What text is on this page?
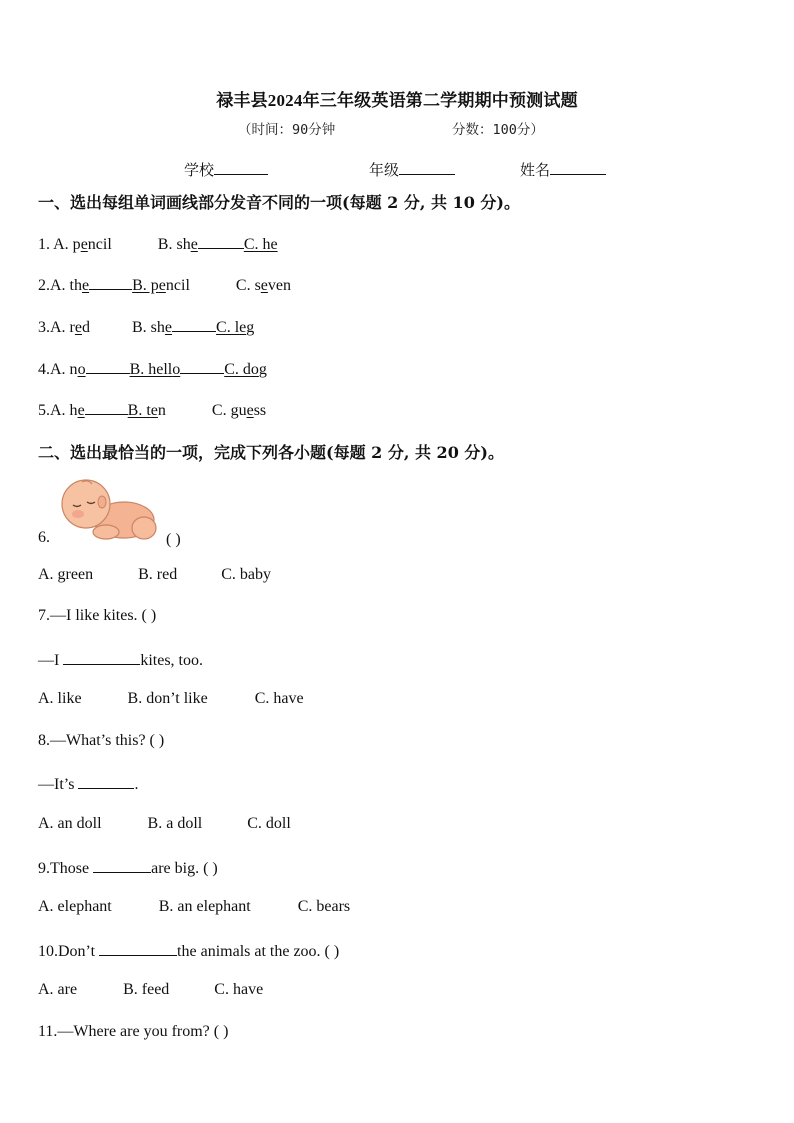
禄丰县2024年三年级英语第二学期期中预测试题
（时间：90分钟	分数：100分）
学校	年级	姓名
一、选出每组单词画线部分发音不同的一项(每题 2 分, 共 10 分)。
1. A. pencil	B. she	C. he
2.A. the	B. pencil	C. seven
3.A. red	B. she	C. leg
4.A. no	B. hello	C. dog
5.A. he	B. ten	C. guess
二、选出最恰当的一项，完成下列各小题(每题 2 分, 共 20 分)。
6.	( )
A. green	B. red	C. baby
7.—I like kites. ( )
—I	kites, too.
A. like	B. don’t like	C. have
8.—What’s this? ( )
—It’s	.
A. an doll	B. a doll	C. doll
9.Those	are big. ( )
A. elephant	B. an elephant	C. bears
10.Don’t	the animals at the zoo. ( )
A. are	B. feed	C. have
11.—Where are you from? ( )
